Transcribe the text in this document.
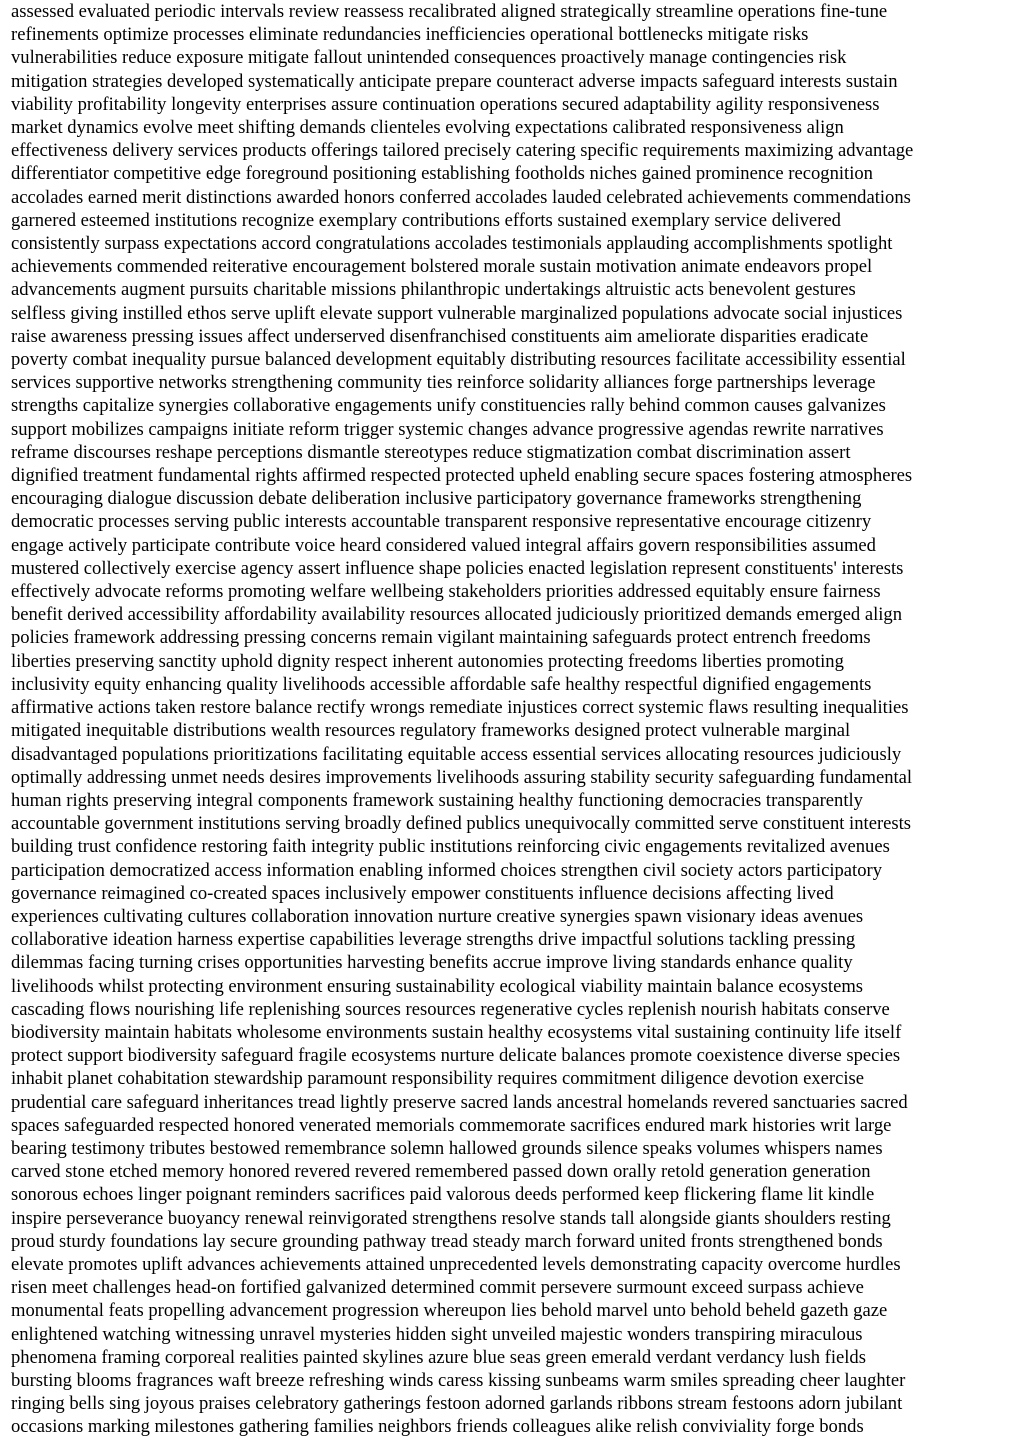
assessed evaluated periodic intervals review reassess recalibrated aligned strategically streamline operations fine-tune
refinements optimize processes eliminate redundancies inefficiencies operational bottlenecks mitigate risks
vulnerabilities reduce exposure mitigate fallout unintended consequences proactively manage contingencies risk
mitigation strategies developed systematically anticipate prepare counteract adverse impacts safeguard interests sustain
viability profitability longevity enterprises assure continuation operations secured adaptability agility responsiveness
market dynamics evolve meet shifting demands clienteles evolving expectations calibrated responsiveness align
effectiveness delivery services products offerings tailored precisely catering specific requirements maximizing advantage
differentiator competitive edge foreground positioning establishing footholds niches gained prominence recognition
accolades earned merit distinctions awarded honors conferred accolades lauded celebrated achievements commendations
garnered esteemed institutions recognize exemplary contributions efforts sustained exemplary service delivered
consistently surpass expectations accord congratulations accolades testimonials applauding accomplishments spotlight
achievements commended reiterative encouragement bolstered morale sustain motivation animate endeavors propel
advancements augment pursuits charitable missions philanthropic undertakings altruistic acts benevolent gestures
selfless giving instilled ethos serve uplift elevate support vulnerable marginalized populations advocate social injustices
raise awareness pressing issues affect underserved disenfranchised constituents aim ameliorate disparities eradicate
poverty combat inequality pursue balanced development equitably distributing resources facilitate accessibility essential
services supportive networks strengthening community ties reinforce solidarity alliances forge partnerships leverage
strengths capitalize synergies collaborative engagements unify constituencies rally behind common causes galvanizes
support mobilizes campaigns initiate reform trigger systemic changes advance progressive agendas rewrite narratives
reframe discourses reshape perceptions dismantle stereotypes reduce stigmatization combat discrimination assert
dignified treatment fundamental rights affirmed respected protected upheld enabling secure spaces fostering atmospheres
encouraging dialogue discussion debate deliberation inclusive participatory governance frameworks strengthening
democratic processes serving public interests accountable transparent responsive representative encourage citizenry
engage actively participate contribute voice heard considered valued integral affairs govern responsibilities assumed
mustered collectively exercise agency assert influence shape policies enacted legislation represent constituents' interests
effectively advocate reforms promoting welfare wellbeing stakeholders priorities addressed equitably ensure fairness
benefit derived accessibility affordability availability resources allocated judiciously prioritized demands emerged align
policies framework addressing pressing concerns remain vigilant maintaining safeguards protect entrench freedoms
liberties preserving sanctity uphold dignity respect inherent autonomies protecting freedoms liberties promoting
inclusivity equity enhancing quality livelihoods accessible affordable safe healthy respectful dignified engagements
affirmative actions taken restore balance rectify wrongs remediate injustices correct systemic flaws resulting inequalities
mitigated inequitable distributions wealth resources regulatory frameworks designed protect vulnerable marginal
disadvantaged populations prioritizations facilitating equitable access essential services allocating resources judiciously
optimally addressing unmet needs desires improvements livelihoods assuring stability security safeguarding fundamental
human rights preserving integral components framework sustaining healthy functioning democracies transparently
accountable government institutions serving broadly defined publics unequivocally committed serve constituent interests
building trust confidence restoring faith integrity public institutions reinforcing civic engagements revitalized avenues
participation democratized access information enabling informed choices strengthen civil society actors participatory
governance reimagined co-created spaces inclusively empower constituents influence decisions affecting lived
experiences cultivating cultures collaboration innovation nurture creative synergies spawn visionary ideas avenues
collaborative ideation harness expertise capabilities leverage strengths drive impactful solutions tackling pressing
dilemmas facing turning crises opportunities harvesting benefits accrue improve living standards enhance quality
livelihoods whilst protecting environment ensuring sustainability ecological viability maintain balance ecosystems
cascading flows nourishing life replenishing sources resources regenerative cycles replenish nourish habitats conserve
biodiversity maintain habitats wholesome environments sustain healthy ecosystems vital sustaining continuity life itself
protect support biodiversity safeguard fragile ecosystems nurture delicate balances promote coexistence diverse species
inhabit planet cohabitation stewardship paramount responsibility requires commitment diligence devotion exercise
prudential care safeguard inheritances tread lightly preserve sacred lands ancestral homelands revered sanctuaries sacred
spaces safeguarded respected honored venerated memorials commemorate sacrifices endured mark histories writ large
bearing testimony tributes bestowed remembrance solemn hallowed grounds silence speaks volumes whispers names
carved stone etched memory honored revered revered remembered passed down orally retold generation generation
sonorous echoes linger poignant reminders sacrifices paid valorous deeds performed keep flickering flame lit kindle
inspire perseverance buoyancy renewal reinvigorated strengthens resolve stands tall alongside giants shoulders resting
proud sturdy foundations lay secure grounding pathway tread steady march forward united fronts strengthened bonds
elevate promotes uplift advances achievements attained unprecedented levels demonstrating capacity overcome hurdles
risen meet challenges head-on fortified galvanized determined commit persevere surmount exceed surpass achieve
monumental feats propelling advancement progression whereupon lies behold marvel unto behold beheld gazeth gaze
enlightened watching witnessing unravel mysteries hidden sight unveiled majestic wonders transpiring miraculous
phenomena framing corporeal realities painted skylines azure blue seas green emerald verdant verdancy lush fields
bursting blooms fragrances waft breeze refreshing winds caress kissing sunbeams warm smiles spreading cheer laughter
ringing bells sing joyous praises celebratory gatherings festoon adorned garlands ribbons stream festoons adorn jubilant
occasions marking milestones gathering families neighbors friends colleagues alike relish conviviality forge bonds
